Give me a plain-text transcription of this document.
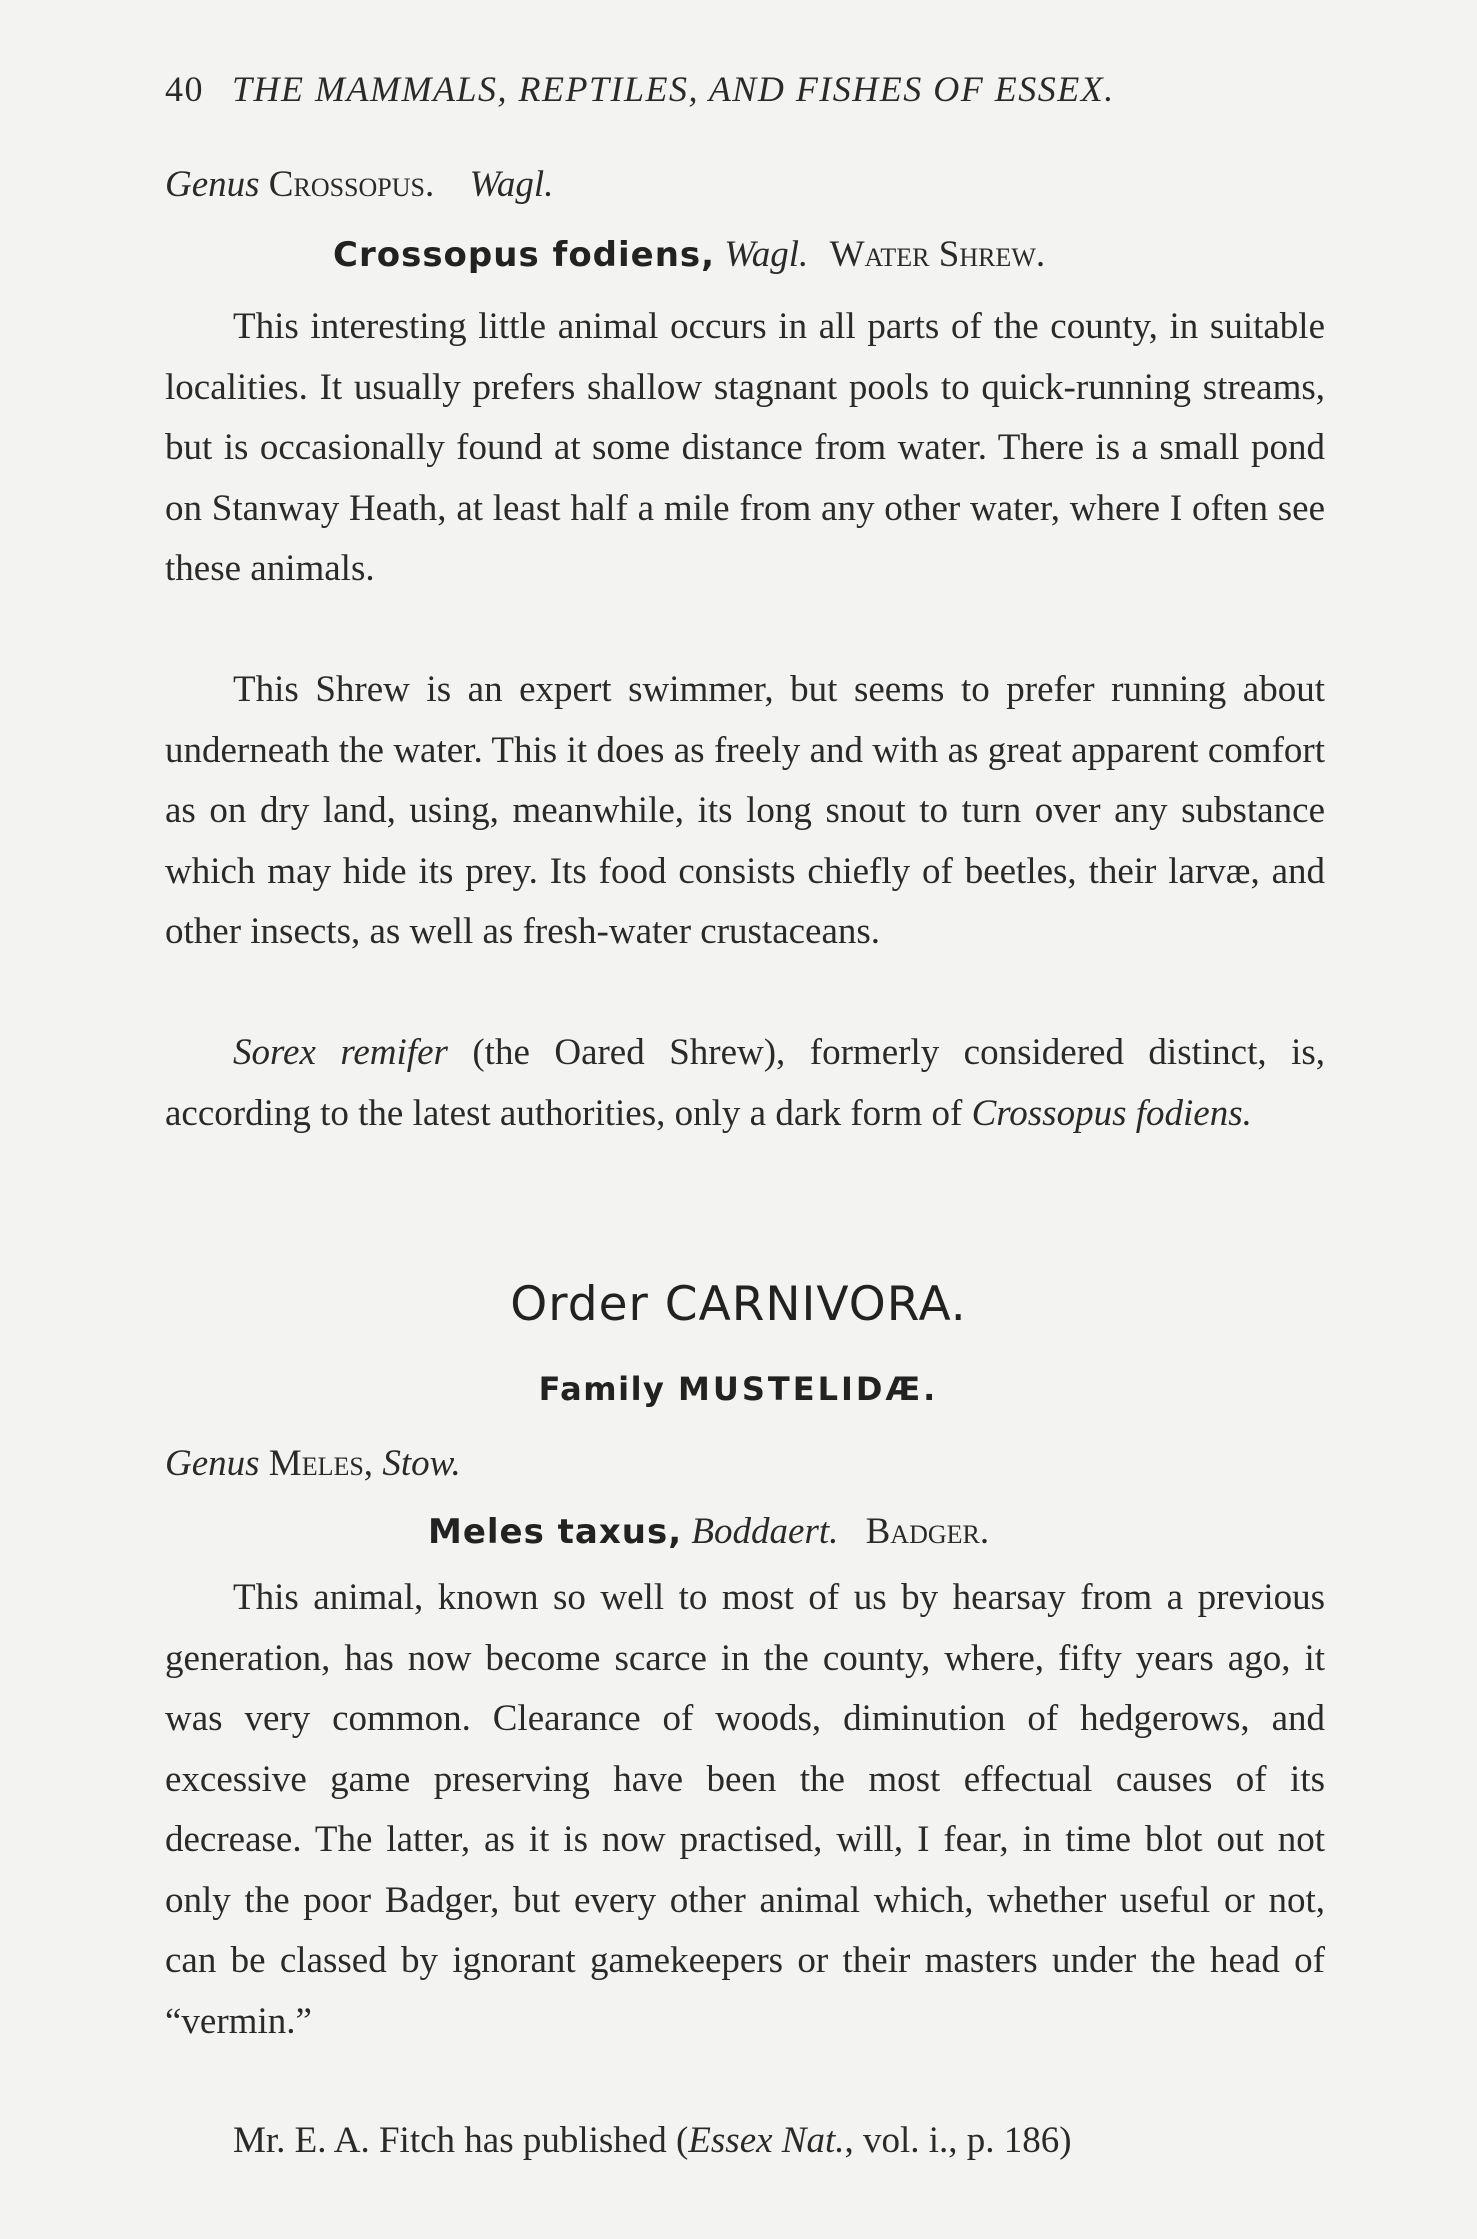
40 THE MAMMALS, REPTILES, AND FISHES OF ESSEX.
Genus Crossopus. Wagl.
Crossopus fodiens, Wagl. Water Shrew.
This interesting little animal occurs in all parts of the county, in suitable localities. It usually prefers shallow stagnant pools to quick-running streams, but is occasionally found at some distance from water. There is a small pond on Stanway Heath, at least half a mile from any other water, where I often see these animals.
This Shrew is an expert swimmer, but seems to prefer running about underneath the water. This it does as freely and with as great apparent comfort as on dry land, using, meanwhile, its long snout to turn over any substance which may hide its prey. Its food consists chiefly of beetles, their larvæ, and other insects, as well as fresh-water crustaceans.
Sorex remifer (the Oared Shrew), formerly considered distinct, is, according to the latest authorities, only a dark form of Crossopus fodiens.
Order CARNIVORA.
Family MUSTELIDÆ.
Genus Meles, Stow.
Meles taxus, Boddaert. Badger.
This animal, known so well to most of us by hearsay from a previous generation, has now become scarce in the county, where, fifty years ago, it was very common. Clearance of woods, diminution of hedgerows, and excessive game preserving have been the most effectual causes of its decrease. The latter, as it is now practised, will, I fear, in time blot out not only the poor Badger, but every other animal which, whether useful or not, can be classed by ignorant gamekeepers or their masters under the head of “vermin.”
Mr. E. A. Fitch has published (Essex Nat., vol. i., p. 186)
